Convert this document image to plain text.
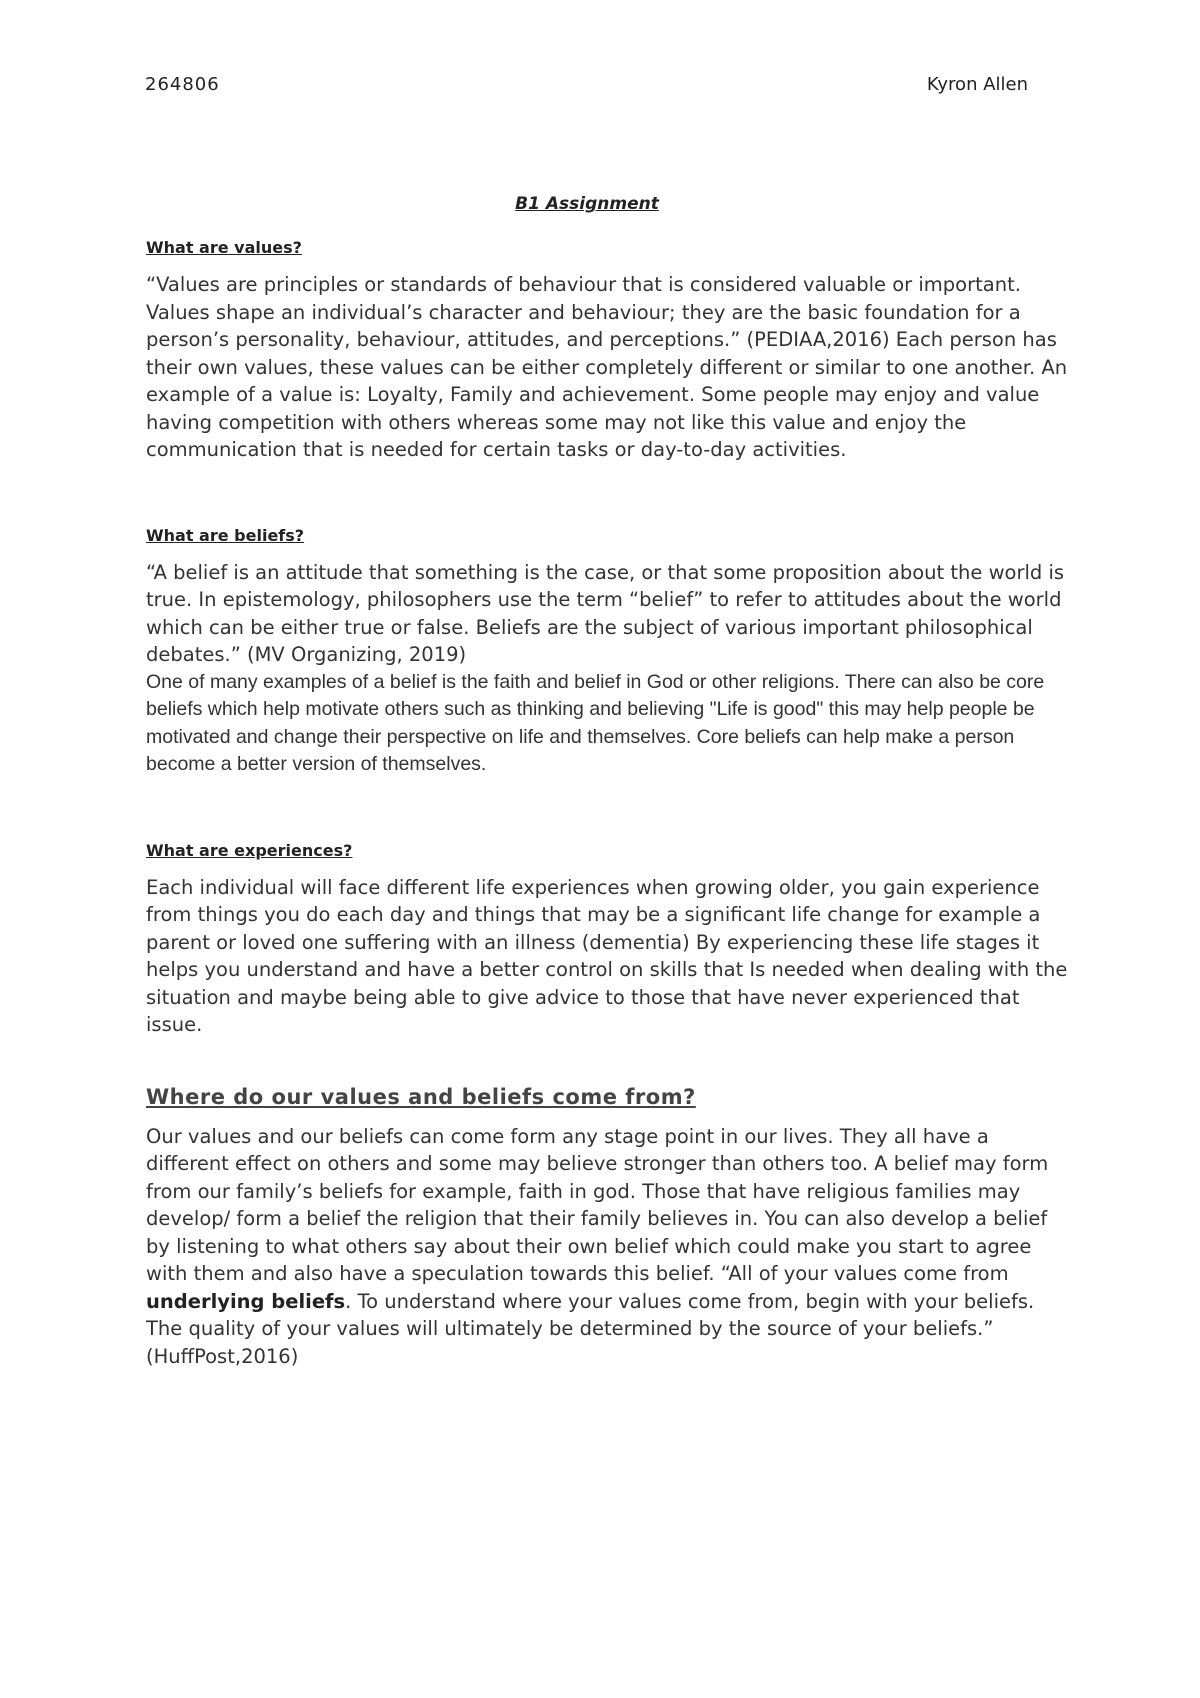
264806	Kyron Allen
B1 Assignment
What are values?

“Values are principles or standards of behaviour that is considered valuable or important. Values shape an individual’s character and behaviour; they are the basic foundation for a person’s personality, behaviour, attitudes, and perceptions.” (PEDIAA,2016) Each person has their own values, these values can be either completely different or similar to one another. An example of a value is: Loyalty, Family and achievement. Some people may enjoy and value having competition with others whereas some may not like this value and enjoy the communication that is needed for certain tasks or day-to-day activities.

What are beliefs?

“A belief is an attitude that something is the case, or that some proposition about the world is true. In epistemology, philosophers use the term “belief” to refer to attitudes about the world which can be either true or false. Beliefs are the subject of various important philosophical debates.” (MV Organizing, 2019)

One of many examples of a belief is the faith and belief in God or other religions. There can also be core beliefs which help motivate others such as thinking and believing "Life is good" this may help people be motivated and change their perspective on life and themselves. Core beliefs can help make a person become a better version of themselves.

What are experiences?

Each individual will face different life experiences when growing older, you gain experience from things you do each day and things that may be a significant life change for example a parent or loved one suffering with an illness (dementia) By experiencing these life stages it helps you understand and have a better control on skills that Is needed when dealing with the situation and maybe being able to give advice to those that have never experienced that issue.

Where do our values and beliefs come from?

Our values and our beliefs can come form any stage point in our lives. They all have a different effect on others and some may believe stronger than others too. A belief may form from our family’s beliefs for example, faith in god. Those that have religious families may develop/ form a belief the religion that their family believes in. You can also develop a belief by listening to what others say about their own belief which could make you start to agree with them and also have a speculation towards this belief. “All of your values come from underlying beliefs. To understand where your values come from, begin with your beliefs. The quality of your values will ultimately be determined by the source of your beliefs.” (HuffPost,2016)
